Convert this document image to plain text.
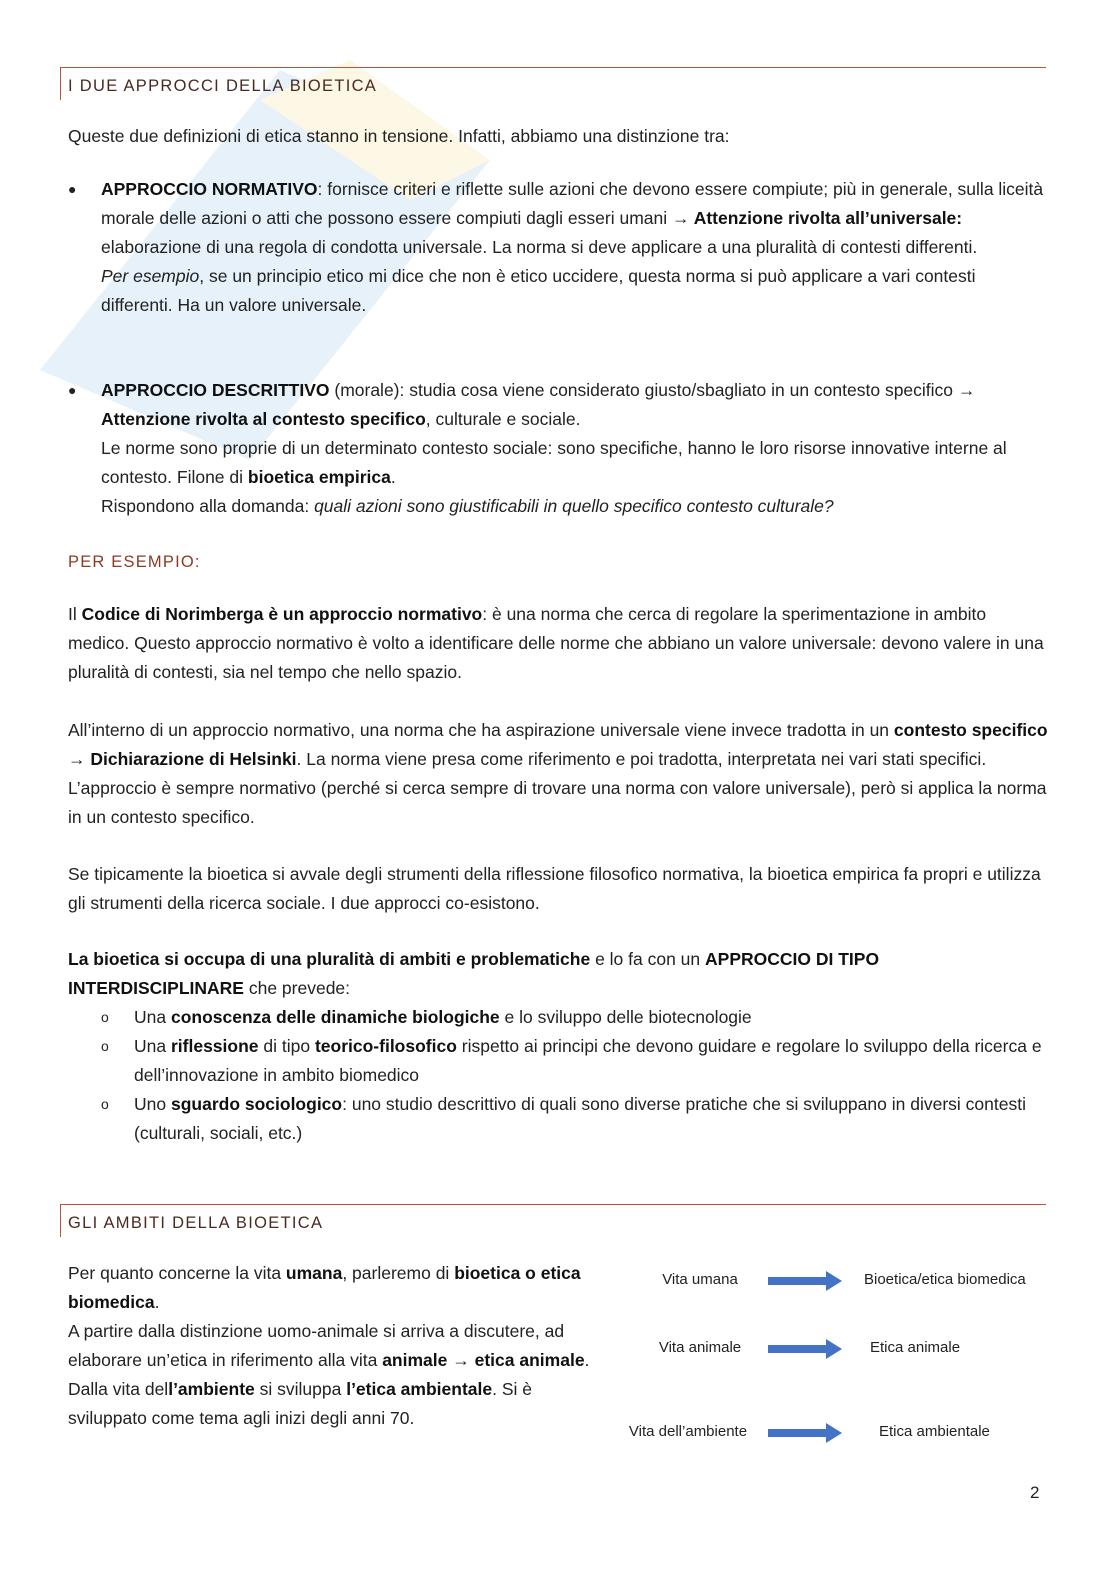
I DUE APPROCCI DELLA BIOETICA

Queste due definizioni di etica stanno in tensione. Infatti, abbiamo una distinzione tra:

● APPROCCIO NORMATIVO: fornisce criteri e riflette sulle azioni che devono essere compiute; più in generale, sulla liceità morale delle azioni o atti che possono essere compiuti dagli esseri umani → Attenzione rivolta all’universale: elaborazione di una regola di condotta universale. La norma si deve applicare a una pluralità di contesti differenti.

Per esempio, se un principio etico mi dice che non è etico uccidere, questa norma si può applicare a vari contesti differenti. Ha un valore universale.

● APPROCCIO DESCRITTIVO (morale): studia cosa viene considerato giusto/sbagliato in un contesto specifico → Attenzione rivolta al contesto specifico, culturale e sociale.

Le norme sono proprie di un determinato contesto sociale: sono specifiche, hanno le loro risorse innovative interne al contesto. Filone di bioetica empirica.

Rispondono alla domanda: quali azioni sono giustificabili in quello specifico contesto culturale?

PER ESEMPIO:

Il Codice di Norimberga è un approccio normativo: è una norma che cerca di regolare la sperimentazione in ambito medico. Questo approccio normativo è volto a identificare delle norme che abbiano un valore universale: devono valere in una pluralità di contesti, sia nel tempo che nello spazio.

All’interno di un approccio normativo, una norma che ha aspirazione universale viene invece tradotta in un contesto specifico → Dichiarazione di Helsinki. La norma viene presa come riferimento e poi tradotta, interpretata nei vari stati specifici. L’approccio è sempre normativo (perché si cerca sempre di trovare una norma con valore universale), però si applica la norma in un contesto specifico.

Se tipicamente la bioetica si avvale degli strumenti della riflessione filosofico normativa, la bioetica empirica fa propri e utilizza gli strumenti della ricerca sociale. I due approcci co-esistono.

La bioetica si occupa di una pluralità di ambiti e problematiche e lo fa con un APPROCCIO DI TIPO INTERDISCIPLINARE che prevede:

o Una conoscenza delle dinamiche biologiche e lo sviluppo delle biotecnologie
o Una riflessione di tipo teorico-filosofico rispetto ai principi che devono guidare e regolare lo sviluppo della ricerca e dell’innovazione in ambito biomedico
o Uno sguardo sociologico: uno studio descrittivo di quali sono diverse pratiche che si sviluppano in diversi contesti (culturali, sociali, etc.)
GLI AMBITI DELLA BIOETICA

Per quanto concerne la vita umana, parleremo di bioetica o etica biomedica.

A partire dalla distinzione uomo-animale si arriva a discutere, ad elaborare un’etica in riferimento alla vita animale → etica animale.

Dalla vita dell’ambiente si sviluppa l’etica ambientale. Si è sviluppato come tema agli inizi degli anni 70.

Vita umana	Bioetica/etica biomedica
Vita animale	Etica animale
Vita dell’ambiente	Etica ambientale
2
